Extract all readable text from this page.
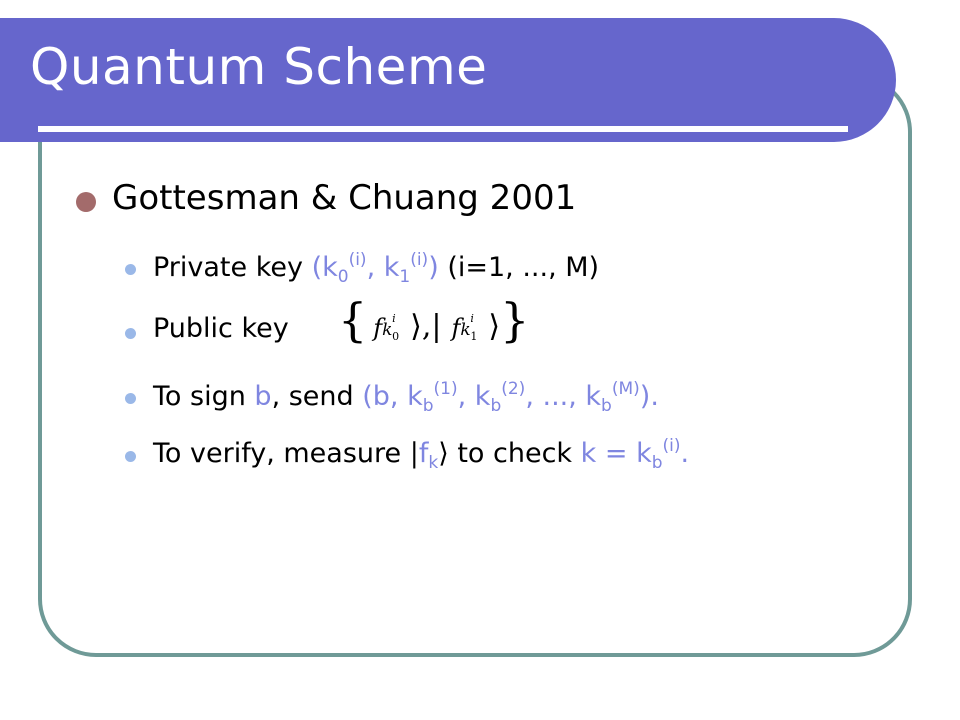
Quantum Scheme
Gottesman & Chuang 2001
Private key ($k_0^{(i)}$, $k_1^{(i)}$) (i=1, ..., M)
Public key { f k
i
0 ⟩,| f k
i
1 ⟩}
To sign b, send (b, $k_b^{(1)}$, $k_b^{(2)}$, ..., $k_b^{(M)}$).
To verify, measure $|f_k⟩$ to check $k = k_b^{(i)}$.
